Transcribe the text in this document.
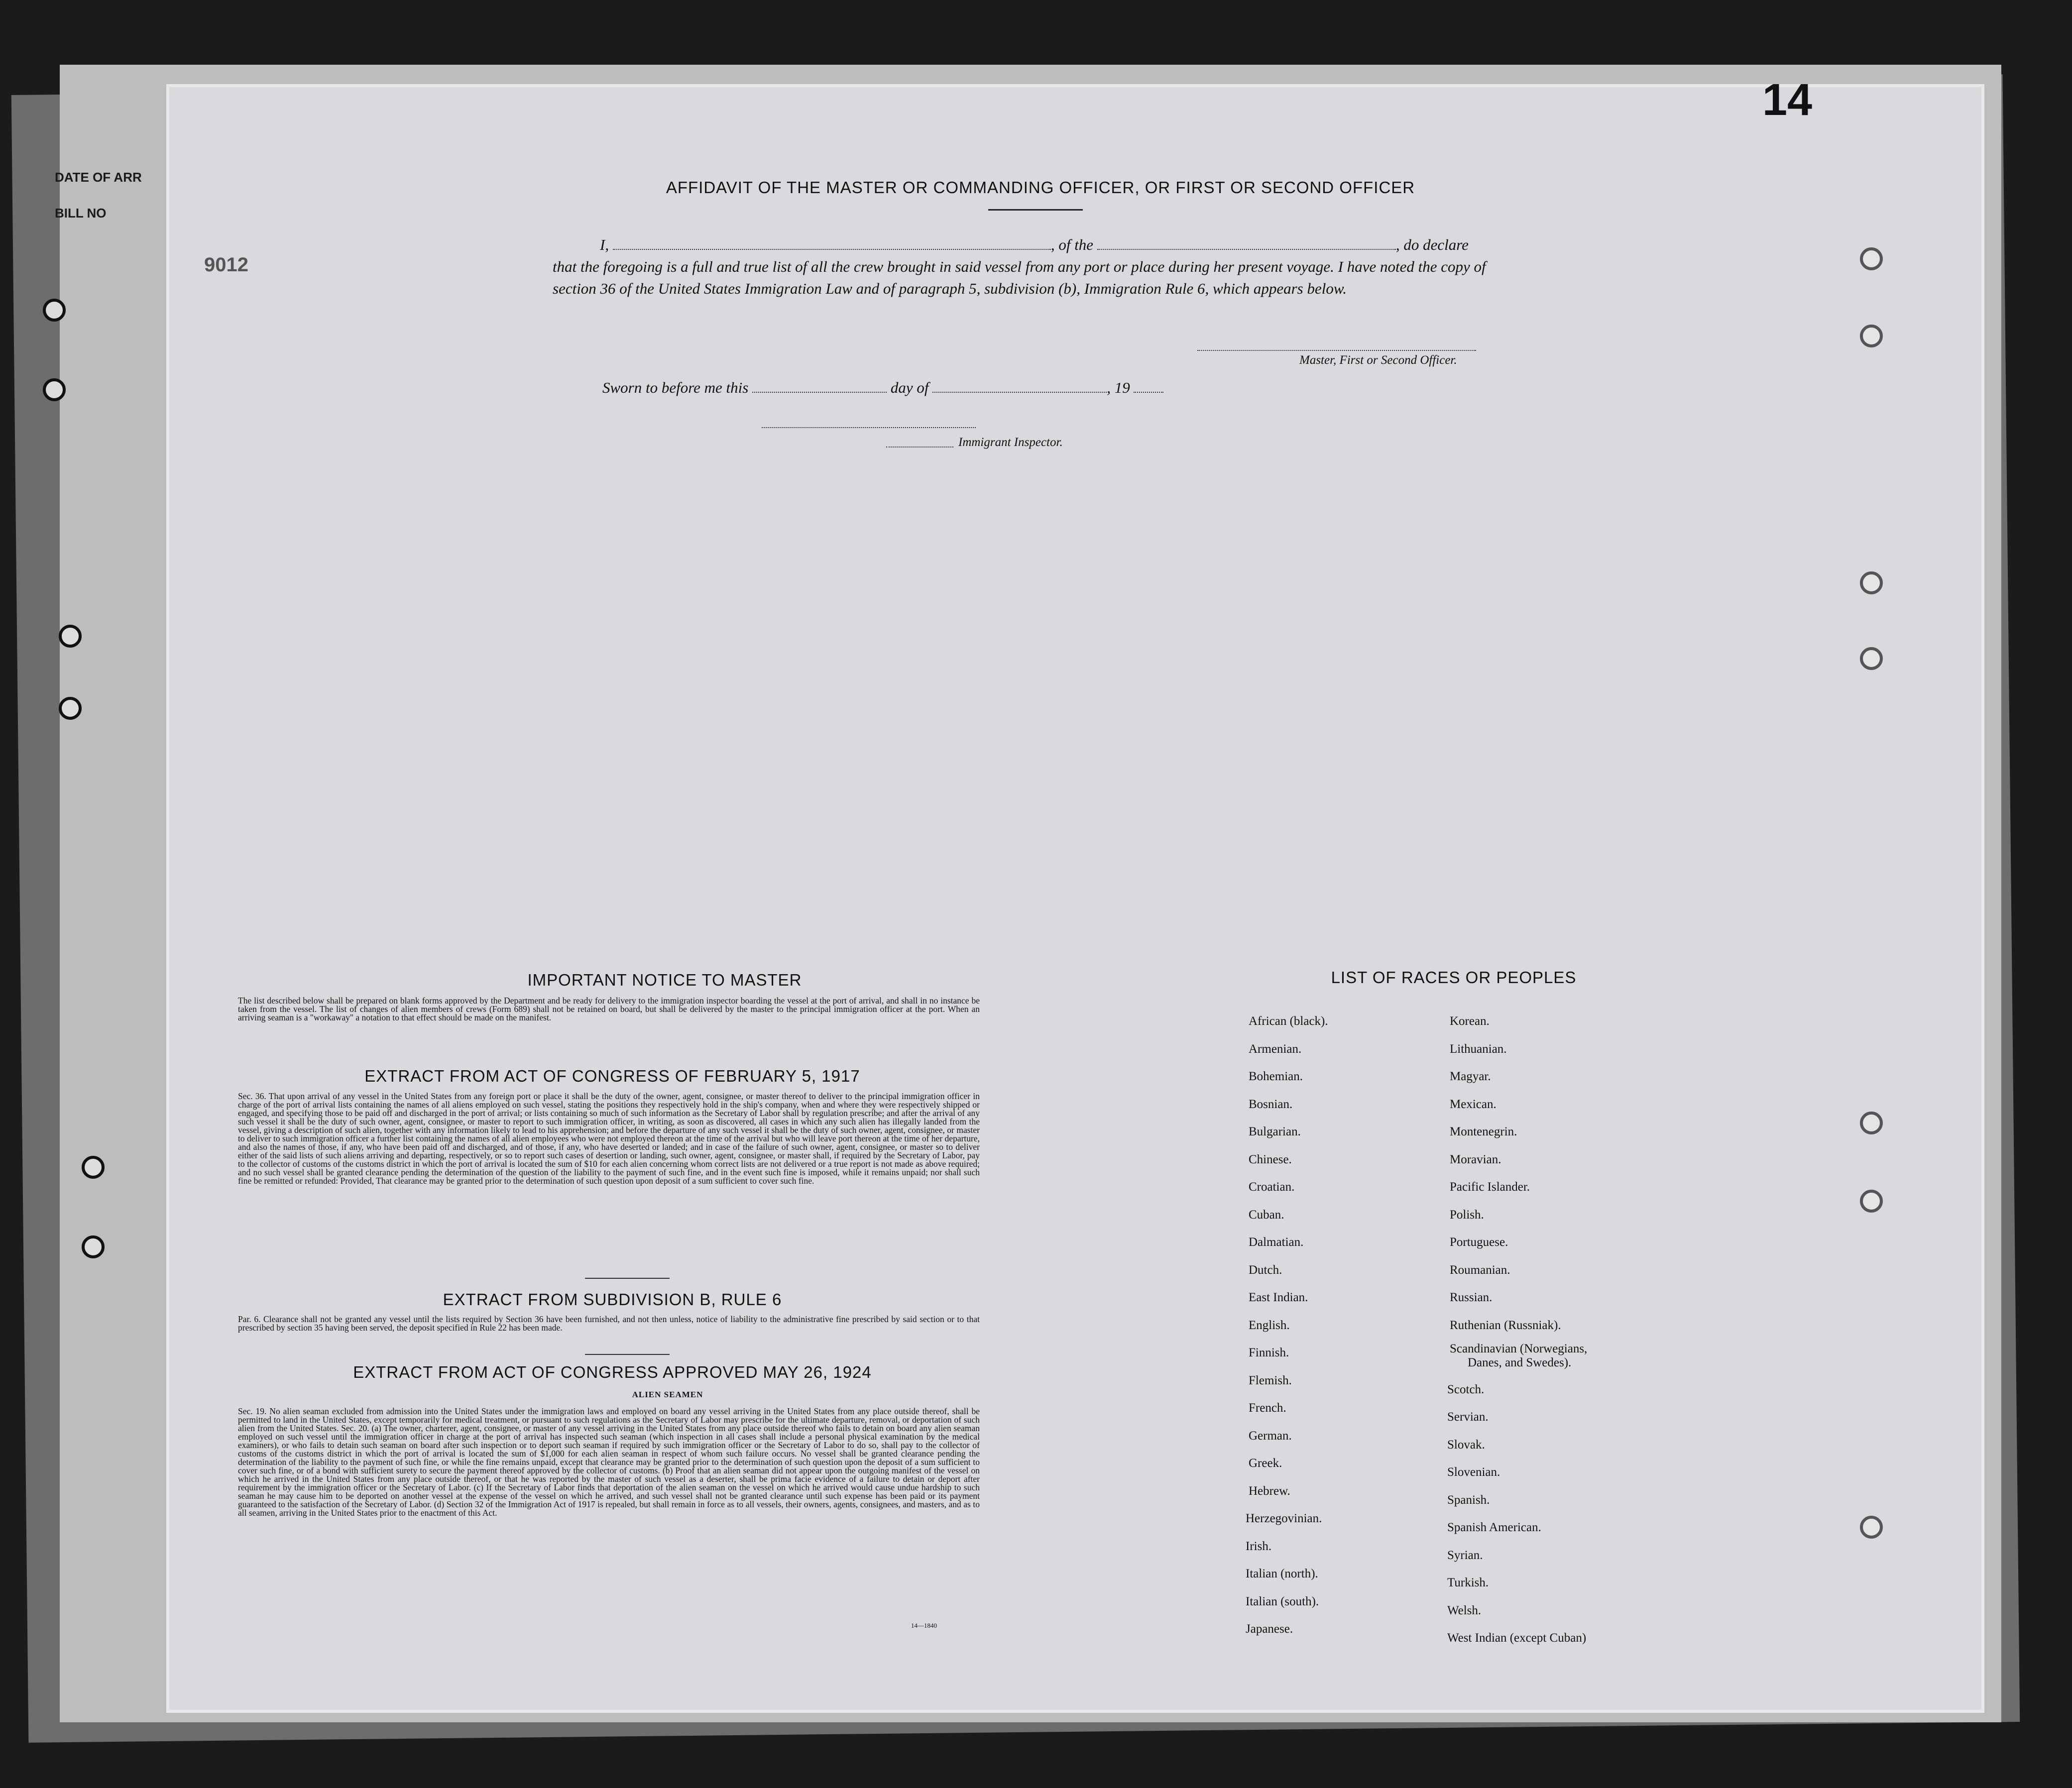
DATE OF ARR
BILL NO
9012
14
AFFIDAVIT OF THE MASTER OR COMMANDING OFFICER, OR FIRST OR SECOND OFFICER
I,	, of the	, do declare
that the foregoing is a full and true list of all the crew brought in said vessel from any port or place during her present voyage. I have noted the copy of section 36 of the United States Immigration Law and of paragraph 5, subdivision (b), Immigration Rule 6, which appears below.
Master, First or Second Officer.
Sworn to before me this	day of	, 19
Immigrant Inspector.
IMPORTANT NOTICE TO MASTER
The list described below shall be prepared on blank forms approved by the Department and be ready for delivery to the immigration inspector boarding the vessel at the port of arrival, and shall in no instance be taken from the vessel. The list of changes of alien members of crews (Form 689) shall not be retained on board, but shall be delivered by the master to the principal immigration officer at the port. When an arriving seaman is a "workaway" a notation to that effect should be made on the manifest.
EXTRACT FROM ACT OF CONGRESS OF FEBRUARY 5, 1917
Sec. 36. That upon arrival of any vessel in the United States from any foreign port or place it shall be the duty of the owner, agent, consignee, or master thereof to deliver to the principal immigration officer in charge of the port of arrival lists containing the names of all aliens employed on such vessel, stating the positions they respectively hold in the ship's company, when and where they were respectively shipped or engaged, and specifying those to be paid off and discharged in the port of arrival; or lists containing so much of such information as the Secretary of Labor shall by regulation prescribe; and after the arrival of any such vessel it shall be the duty of such owner, agent, consignee, or master to report to such immigration officer, in writing, as soon as discovered, all cases in which any such alien has illegally landed from the vessel, giving a description of such alien, together with any information likely to lead to his apprehension; and before the departure of any such vessel it shall be the duty of such owner, agent, consignee, or master to deliver to such immigration officer a further list containing the names of all alien employees who were not employed thereon at the time of the arrival but who will leave port thereon at the time of her departure, and also the names of those, if any, who have been paid off and discharged, and of those, if any, who have deserted or landed; and in case of the failure of such owner, agent, consignee, or master so to deliver either of the said lists of such aliens arriving and departing, respectively, or so to report such cases of desertion or landing, such owner, agent, consignee, or master shall, if required by the Secretary of Labor, pay to the collector of customs of the customs district in which the port of arrival is located the sum of $10 for each alien concerning whom correct lists are not delivered or a true report is not made as above required; and no such vessel shall be granted clearance pending the determination of the question of the liability to the payment of such fine, and in the event such fine is imposed, while it remains unpaid; nor shall such fine be remitted or refunded: Provided, That clearance may be granted prior to the determination of such question upon deposit of a sum sufficient to cover such fine.
EXTRACT FROM SUBDIVISION B, RULE 6
Par. 6. Clearance shall not be granted any vessel until the lists required by Section 36 have been furnished, and not then unless, notice of liability to the administrative fine prescribed by said section or to that prescribed by section 35 having been served, the deposit specified in Rule 22 has been made.
EXTRACT FROM ACT OF CONGRESS APPROVED MAY 26, 1924
ALIEN SEAMEN
Sec. 19. No alien seaman excluded from admission into the United States under the immigration laws and employed on board any vessel arriving in the United States from any place outside thereof, shall be permitted to land in the United States, except temporarily for medical treatment, or pursuant to such regulations as the Secretary of Labor may prescribe for the ultimate departure, removal, or deportation of such alien from the United States. Sec. 20. (a) The owner, charterer, agent, consignee, or master of any vessel arriving in the United States from any place outside thereof who fails to detain on board any alien seaman employed on such vessel until the immigration officer in charge at the port of arrival has inspected such seaman (which inspection in all cases shall include a personal physical examination by the medical examiners), or who fails to detain such seaman on board after such inspection or to deport such seaman if required by such immigration officer or the Secretary of Labor to do so, shall pay to the collector of customs of the customs district in which the port of arrival is located the sum of $1,000 for each alien seaman in respect of whom such failure occurs. No vessel shall be granted clearance pending the determination of the liability to the payment of such fine, or while the fine remains unpaid, except that clearance may be granted prior to the determination of such question upon the deposit of a sum sufficient to cover such fine, or of a bond with sufficient surety to secure the payment thereof approved by the collector of customs. (b) Proof that an alien seaman did not appear upon the outgoing manifest of the vessel on which he arrived in the United States from any place outside thereof, or that he was reported by the master of such vessel as a deserter, shall be prima facie evidence of a failure to detain or deport after requirement by the immigration officer or the Secretary of Labor. (c) If the Secretary of Labor finds that deportation of the alien seaman on the vessel on which he arrived would cause undue hardship to such seaman he may cause him to be deported on another vessel at the expense of the vessel on which he arrived, and such vessel shall not be granted clearance until such expense has been paid or its payment guaranteed to the satisfaction of the Secretary of Labor. (d) Section 32 of the Immigration Act of 1917 is repealed, but shall remain in force as to all vessels, their owners, agents, consignees, and masters, and as to all seamen, arriving in the United States prior to the enactment of this Act.
14—1840
LIST OF RACES OR PEOPLES
African (black).
Armenian.
Bohemian.
Bosnian.
Bulgarian.
Chinese.
Croatian.
Cuban.
Dalmatian.
Dutch.
East Indian.
English.
Finnish.
Flemish.
French.
German.
Greek.
Hebrew.
Herzegovinian.
Irish.
Italian (north).
Italian (south).
Japanese.
Korean.
Lithuanian.
Magyar.
Mexican.
Montenegrin.
Moravian.
Pacific Islander.
Polish.
Portuguese.
Roumanian.
Russian.
Ruthenian (Russniak).
Scandinavian (Norwegians,
Scotch.
Servian.
Slovak.
Slovenian.
Spanish.
Spanish American.
Syrian.
Turkish.
Welsh.
West Indian (except Cuban)
Danes, and Swedes).
